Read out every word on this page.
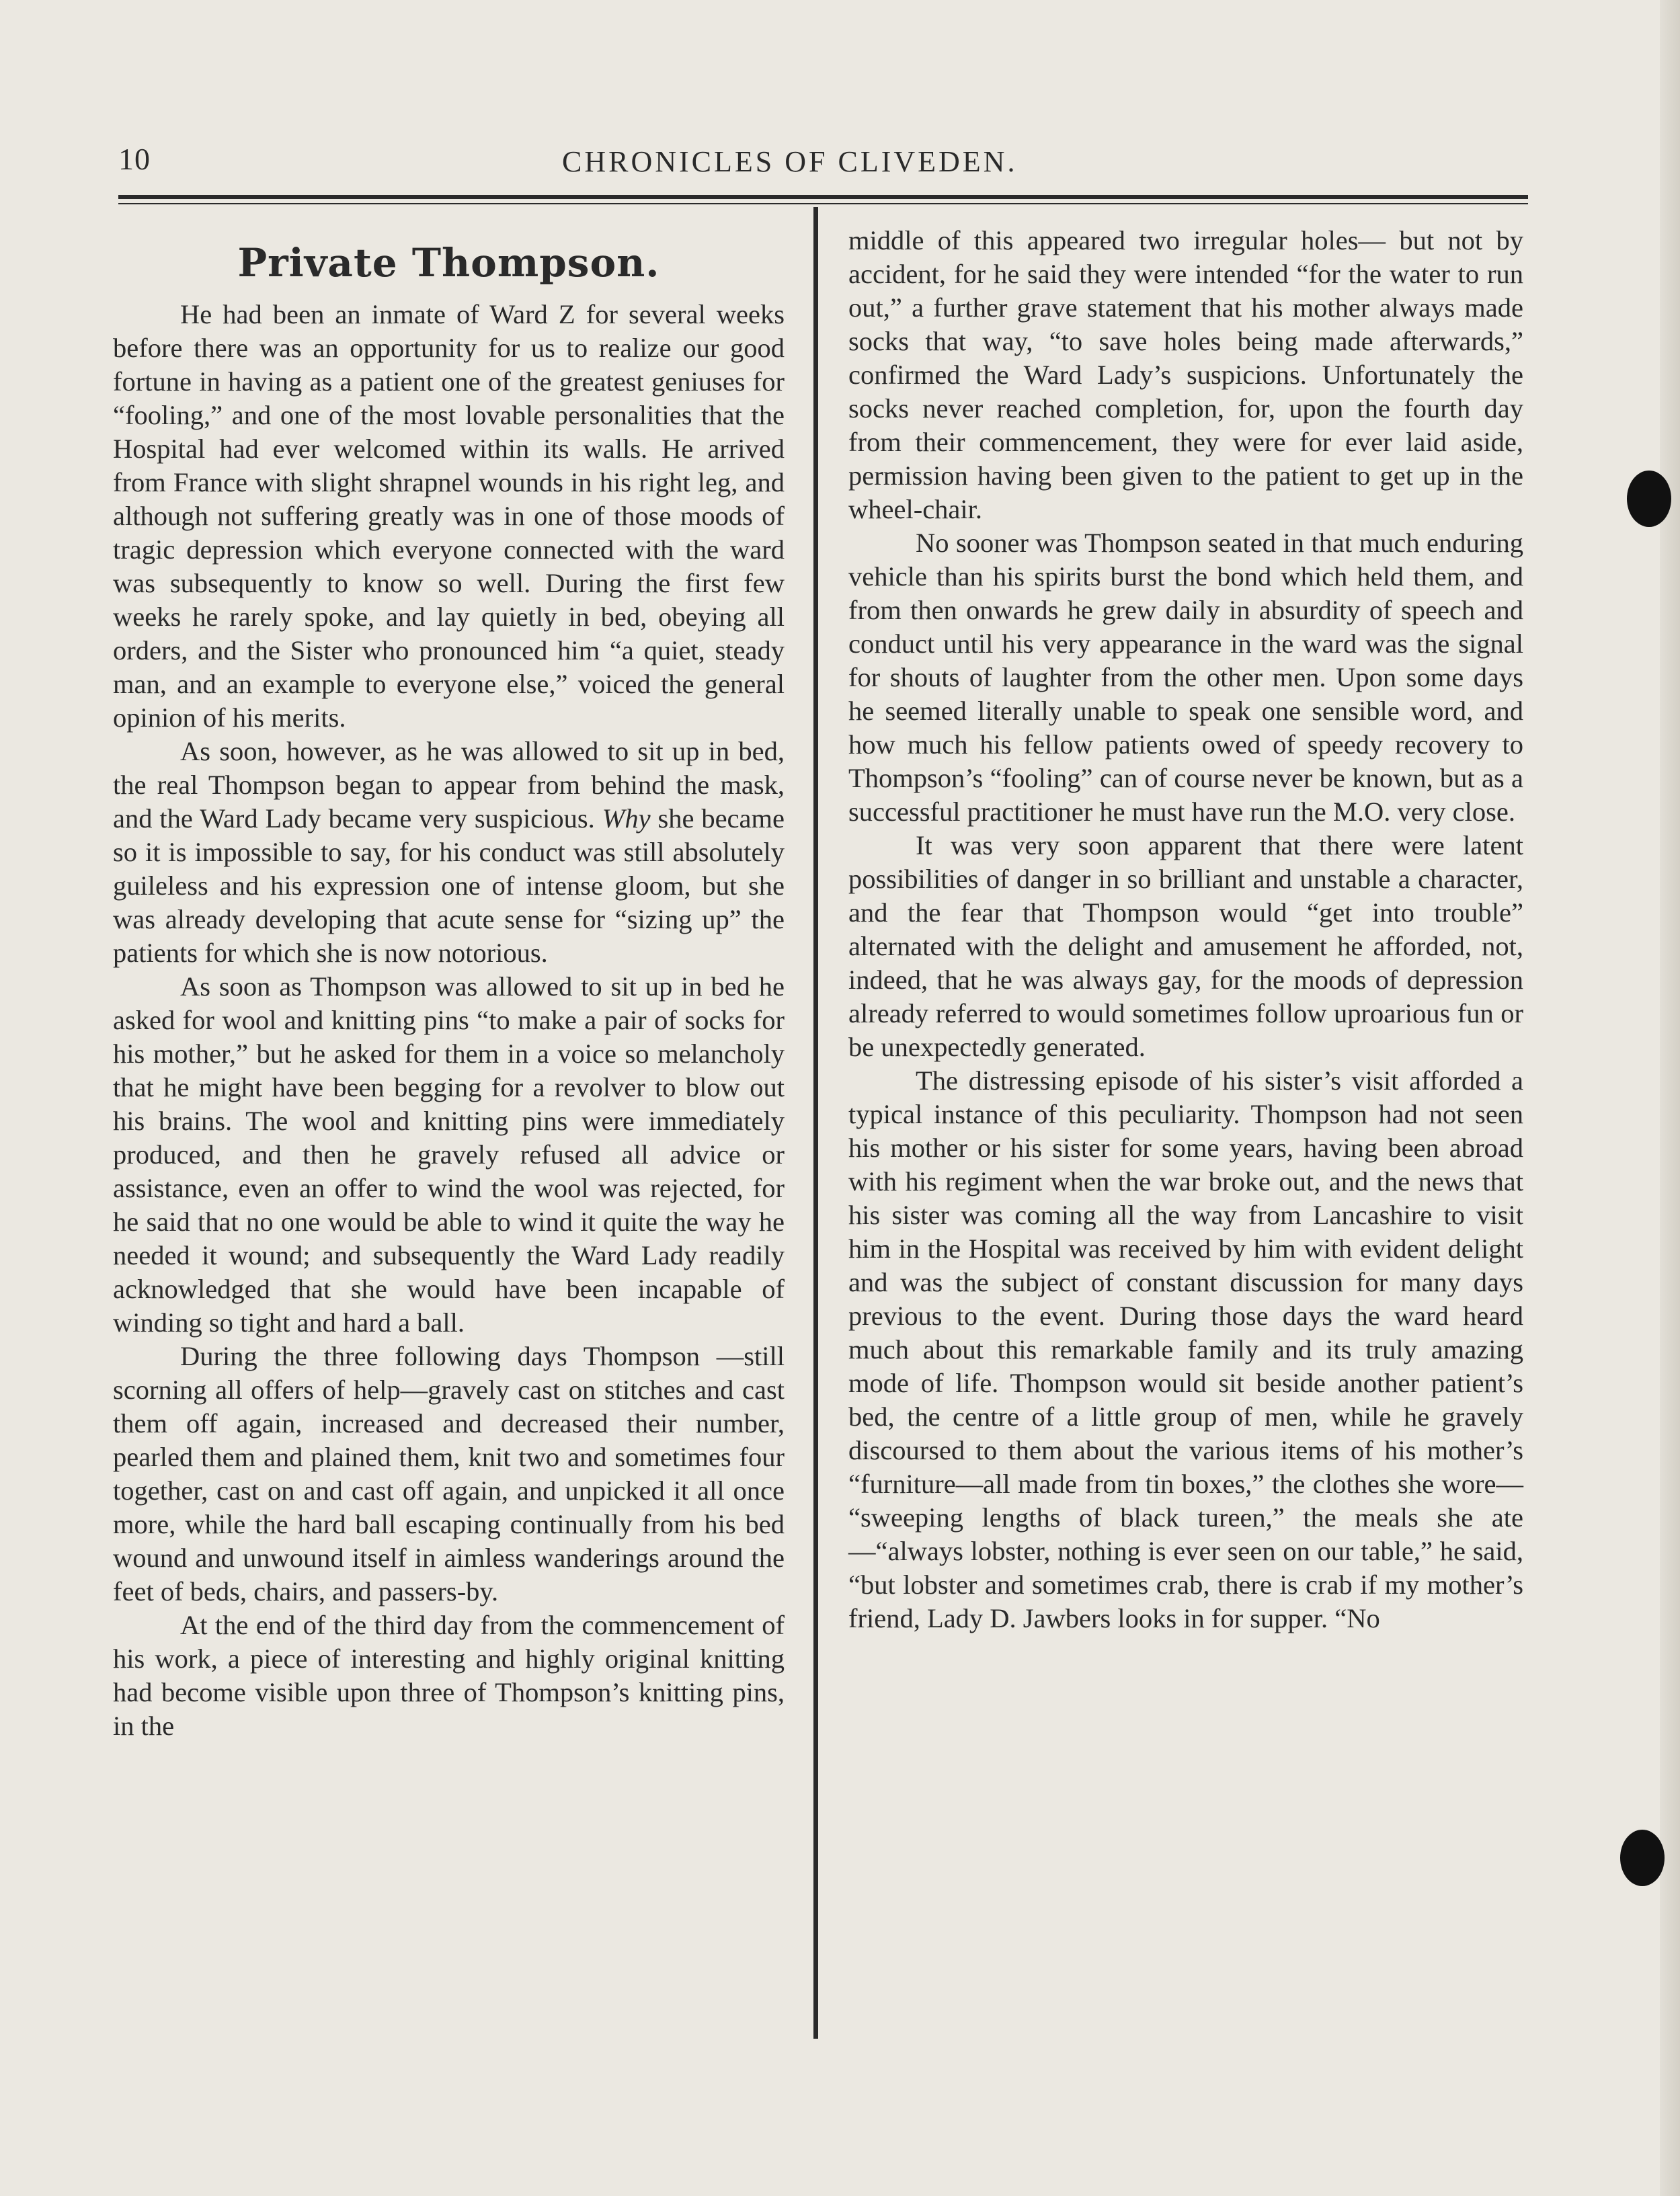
10	CHRONICLES OF CLIVEDEN.
Private Thompson.

He had been an inmate of Ward Z for several weeks before there was an opportunity for us to realize our good fortune in having as a patient one of the greatest geniuses for “fooling,” and one of the most lovable personalities that the Hospital had ever welcomed within its walls. He arrived from France with slight shrapnel wounds in his right leg, and although not suffering greatly was in one of those moods of tragic depression which everyone connected with the ward was subsequently to know so well. During the first few weeks he rarely spoke, and lay quietly in bed, obeying all orders, and the Sister who pronounced him “a quiet, steady man, and an example to everyone else,” voiced the general opinion of his merits.

As soon, however, as he was allowed to sit up in bed, the real Thompson began to appear from behind the mask, and the Ward Lady became very suspicious. Why she became so it is impossible to say, for his conduct was still absolutely guileless and his expression one of intense gloom, but she was already developing that acute sense for “sizing up” the patients for which she is now notorious.

As soon as Thompson was allowed to sit up in bed he asked for wool and knitting pins “to make a pair of socks for his mother,” but he asked for them in a voice so melancholy that he might have been begging for a revolver to blow out his brains. The wool and knitting pins were immediately produced, and then he gravely refused all advice or assistance, even an offer to wind the wool was rejected, for he said that no one would be able to wind it quite the way he needed it wound; and subsequently the Ward Lady readily acknowledged that she would have been incapable of winding so tight and hard a ball.

During the three following days Thompson —still scorning all offers of help—gravely cast on stitches and cast them off again, increased and decreased their number, pearled them and plained them, knit two and sometimes four together, cast on and cast off again, and unpicked it all once more, while the hard ball escaping continually from his bed wound and unwound itself in aimless wanderings around the feet of beds, chairs, and passers-by.

At the end of the third day from the commencement of his work, a piece of interesting and highly original knitting had become visible upon three of Thompson’s knitting pins, in the

middle of this appeared two irregular holes— but not by accident, for he said they were intended “for the water to run out,” a further grave statement that his mother always made socks that way, “to save holes being made afterwards,” confirmed the Ward Lady’s suspicions. Unfortunately the socks never reached completion, for, upon the fourth day from their commencement, they were for ever laid aside, permission having been given to the patient to get up in the wheel-chair.

No sooner was Thompson seated in that much enduring vehicle than his spirits burst the bond which held them, and from then onwards he grew daily in absurdity of speech and conduct until his very appearance in the ward was the signal for shouts of laughter from the other men. Upon some days he seemed literally unable to speak one sensible word, and how much his fellow patients owed of speedy recovery to Thompson’s “fooling” can of course never be known, but as a successful practitioner he must have run the M.O. very close.

It was very soon apparent that there were latent possibilities of danger in so brilliant and unstable a character, and the fear that Thompson would “get into trouble” alternated with the delight and amusement he afforded, not, indeed, that he was always gay, for the moods of depression already referred to would sometimes follow uproarious fun or be unexpectedly generated.

The distressing episode of his sister’s visit afforded a typical instance of this peculiarity. Thompson had not seen his mother or his sister for some years, having been abroad with his regiment when the war broke out, and the news that his sister was coming all the way from Lancashire to visit him in the Hospital was received by him with evident delight and was the subject of constant discussion for many days previous to the event. During those days the ward heard much about this remarkable family and its truly amazing mode of life. Thompson would sit beside another patient’s bed, the centre of a little group of men, while he gravely discoursed to them about the various items of his mother’s “furniture—all made from tin boxes,” the clothes she wore— “sweeping lengths of black tureen,” the meals she ate—“always lobster, nothing is ever seen on our table,” he said, “but lobster and sometimes crab, there is crab if my mother’s friend, Lady D. Jawbers looks in for supper. “No
